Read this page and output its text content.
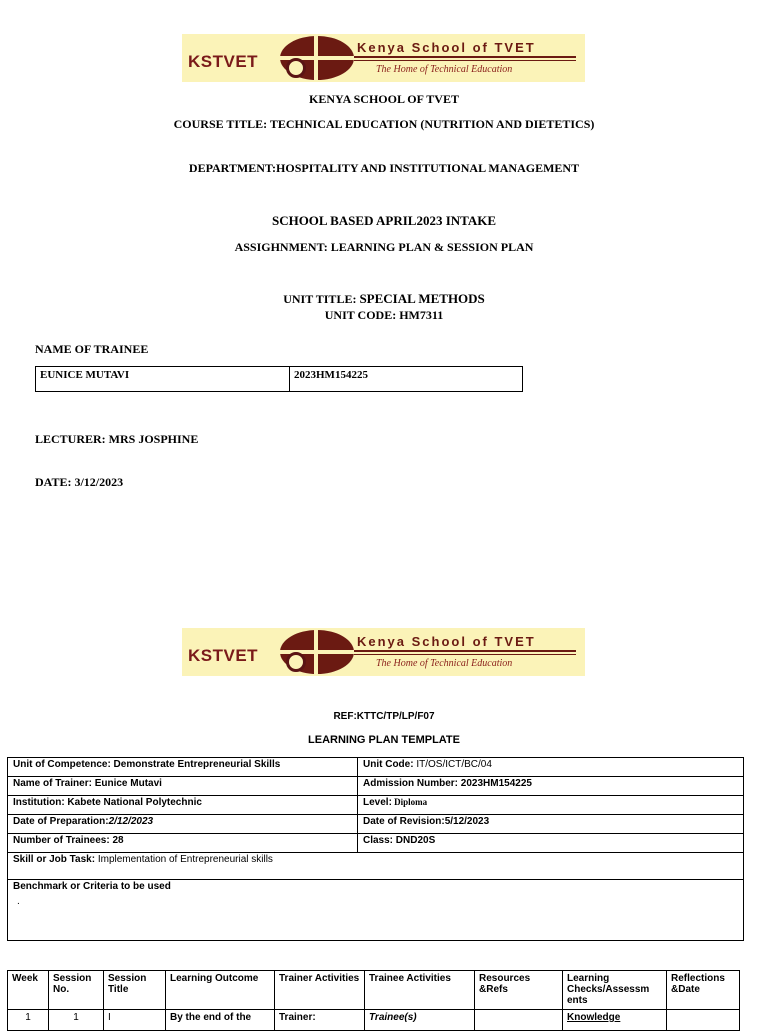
KSTVET
Kenya School of TVET
The Home of Technical Education
KENYA SCHOOL OF TVET
COURSE TITLE: TECHNICAL EDUCATION (NUTRITION AND DIETETICS)
DEPARTMENT:HOSPITALITY AND INSTITUTIONAL MANAGEMENT
SCHOOL BASED APRIL2023 INTAKE
ASSIGHNMENT: LEARNING PLAN & SESSION PLAN
UNIT TITLE: SPECIAL METHODS
UNIT CODE: HM7311
NAME OF TRAINEE
EUNICE MUTAVI	2023HM154225
LECTURER: MRS JOSPHINE
DATE: 3/12/2023
KSTVET
Kenya School of TVET
The Home of Technical Education
REF:KTTC/TP/LP/F07
LEARNING PLAN TEMPLATE
Unit of Competence: Demonstrate Entrepreneurial Skills	Unit Code: IT/OS/ICT/BC/04
Name of Trainer: Eunice Mutavi	Admission Number: 2023HM154225
Institution: Kabete National Polytechnic	Level: Diploma
Date of Preparation:2/12/2023	Date of Revision:5/12/2023
Number of Trainees: 28	Class: DND20S
Skill or Job Task: Implementation of Entrepreneurial skills	

Benchmark or Criteria to be used
.	
Week	Session No.	Session Title	Learning Outcome	Trainer Activities	Trainee Activities	Resources &Refs	Learning Checks/Assessm ents	Reflections &Date
1	1	I	By the end of the	Trainer:	Trainee(s)		Knowledge	
